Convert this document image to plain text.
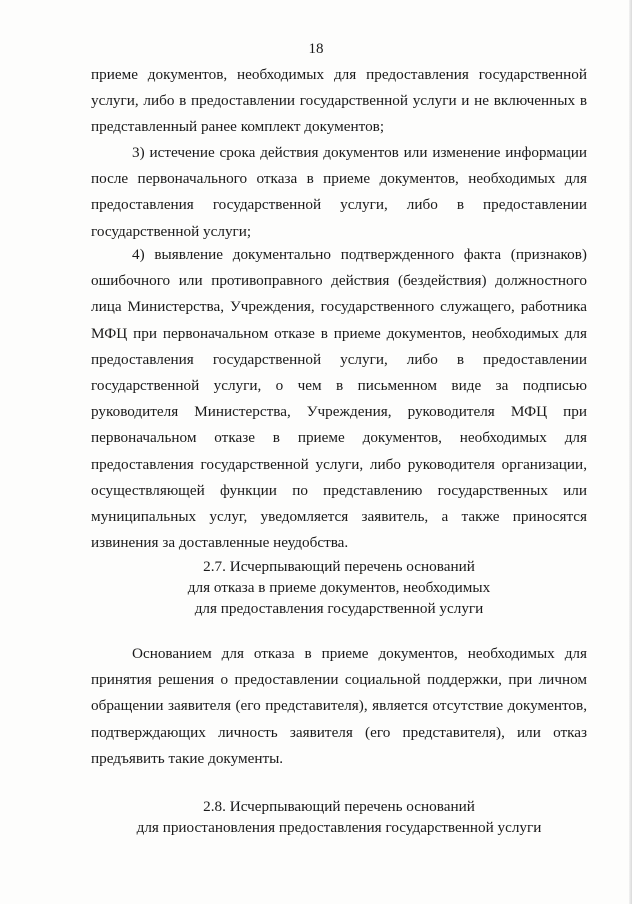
18

приеме документов, необходимых для предоставления государственной услуги, либо в предоставлении государственной услуги и не включенных в представленный ранее комплект документов;

3) истечение срока действия документов или изменение информации после первоначального отказа в приеме документов, необходимых для предоставления государственной услуги, либо в предоставлении государственной услуги;

4) выявление документально подтвержденного факта (признаков) ошибочного или противоправного действия (бездействия) должностного лица Министерства, Учреждения, государственного служащего, работника МФЦ при первоначальном отказе в приеме документов, необходимых для предоставления государственной услуги, либо в предоставлении государственной услуги, о чем в письменном виде за подписью руководителя Министерства, Учреждения, руководителя МФЦ при первоначальном отказе в приеме документов, необходимых для предоставления государственной услуги, либо руководителя организации, осуществляющей функции по представлению государственных или муниципальных услуг, уведомляется заявитель, а также приносятся извинения за доставленные неудобства.

2.7. Исчерпывающий перечень оснований
для отказа в приеме документов, необходимых
для предоставления государственной услуги

Основанием для отказа в приеме документов, необходимых для принятия решения о предоставлении социальной поддержки, при личном обращении заявителя (его представителя), является отсутствие документов, подтверждающих личность заявителя (его представителя), или отказ предъявить такие документы.

2.8. Исчерпывающий перечень оснований
для приостановления предоставления государственной услуги
